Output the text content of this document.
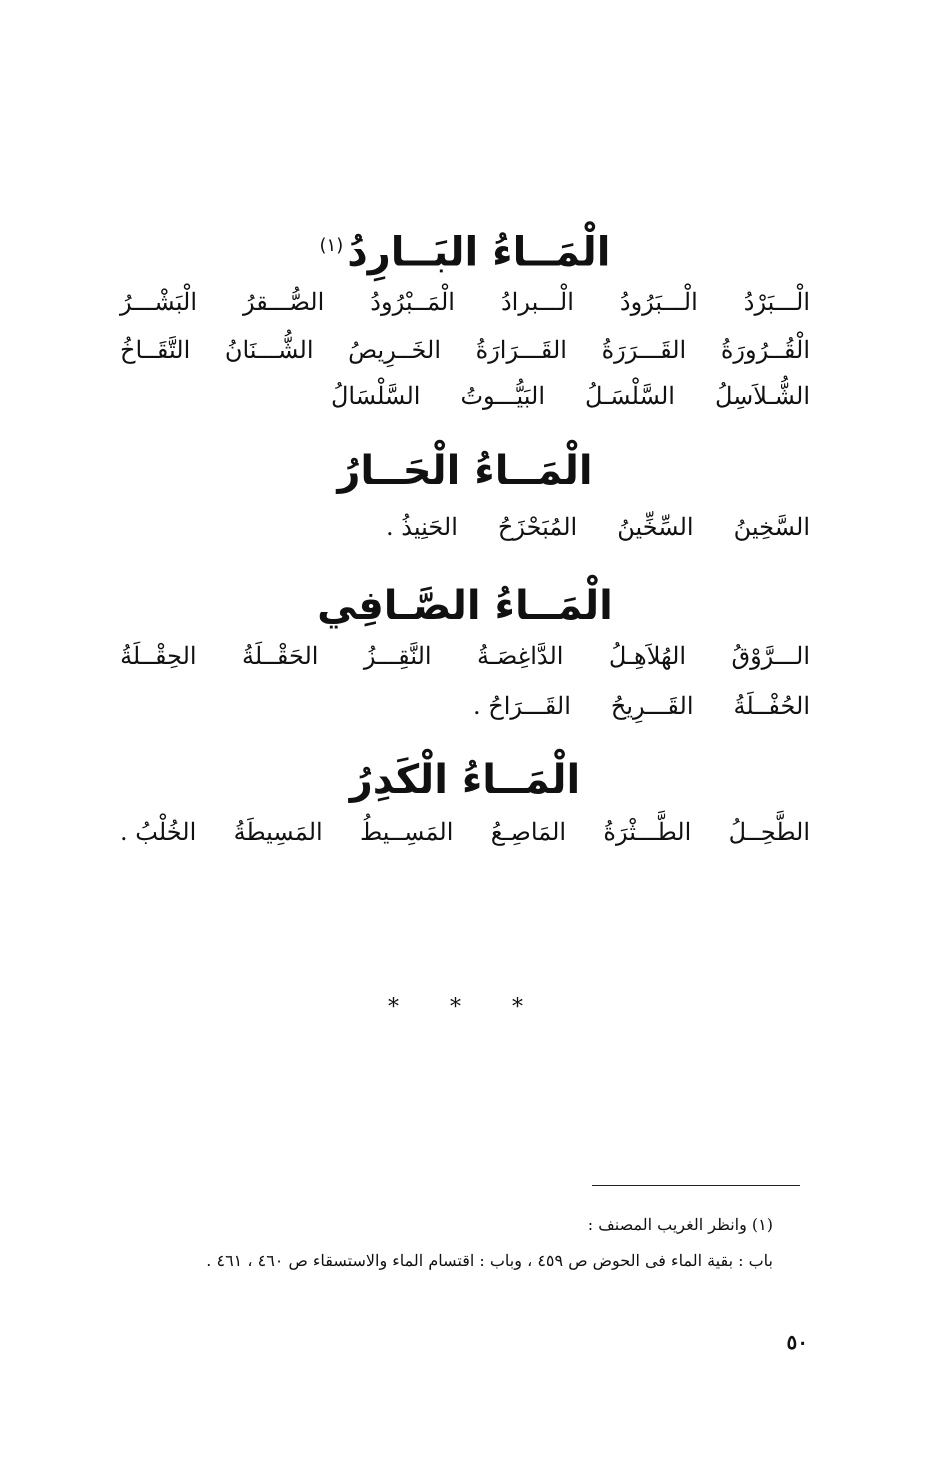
الْمَــاءُ البَــارِدُ$^{(١)}$
الْـــبَرْدُ
الْـــبَرُودُ
الْـــبرادُ
الْمَــبْرُودُ
الصُّـــقرُ
الْبَشْـــرُ
الْقُــرُورَةُ
القَـــرَرَةُ
القَـــرَارَةُ
الخَــرِيصُ
الشُّـــنَانُ
التَّقَــاخُ
الشُّـلاَسِلُ
السَّلْسَـلُ
البَيُّـــوتُ
السَّلْسَالُ
الْمَــاءُ الْحَــارُ
السَّخِينُ
السِّخِّينُ
المُبَحْزَحُ
الحَنِيذُ .
الْمَــاءُ الصَّـافِي
الـــرَّوْقُ
الهُلاَهِـلُ
الدَّاغِصَـةُ
النَّقِـــزُ
الحَقْــلَةُ
الحِقْــلَةُ
الحُفْــلَةُ
القَـــرِيحُ
القَـــرَاحُ .
الْمَــاءُ الْكَدِرُ
الطَّحِــلُ
الطَّـــثْرَةُ
المَاصِـعُ
المَسِــيطُ
المَسِيطَةُ
الخُلْبُ .
* * *
(١) وانظر الغريب المصنف :
باب : بقية الماء فى الحوض ص ٤٥٩ ، وباب : اقتسام الماء والاستسقاء ص ٤٦٠ ، ٤٦١ .
٥٠
